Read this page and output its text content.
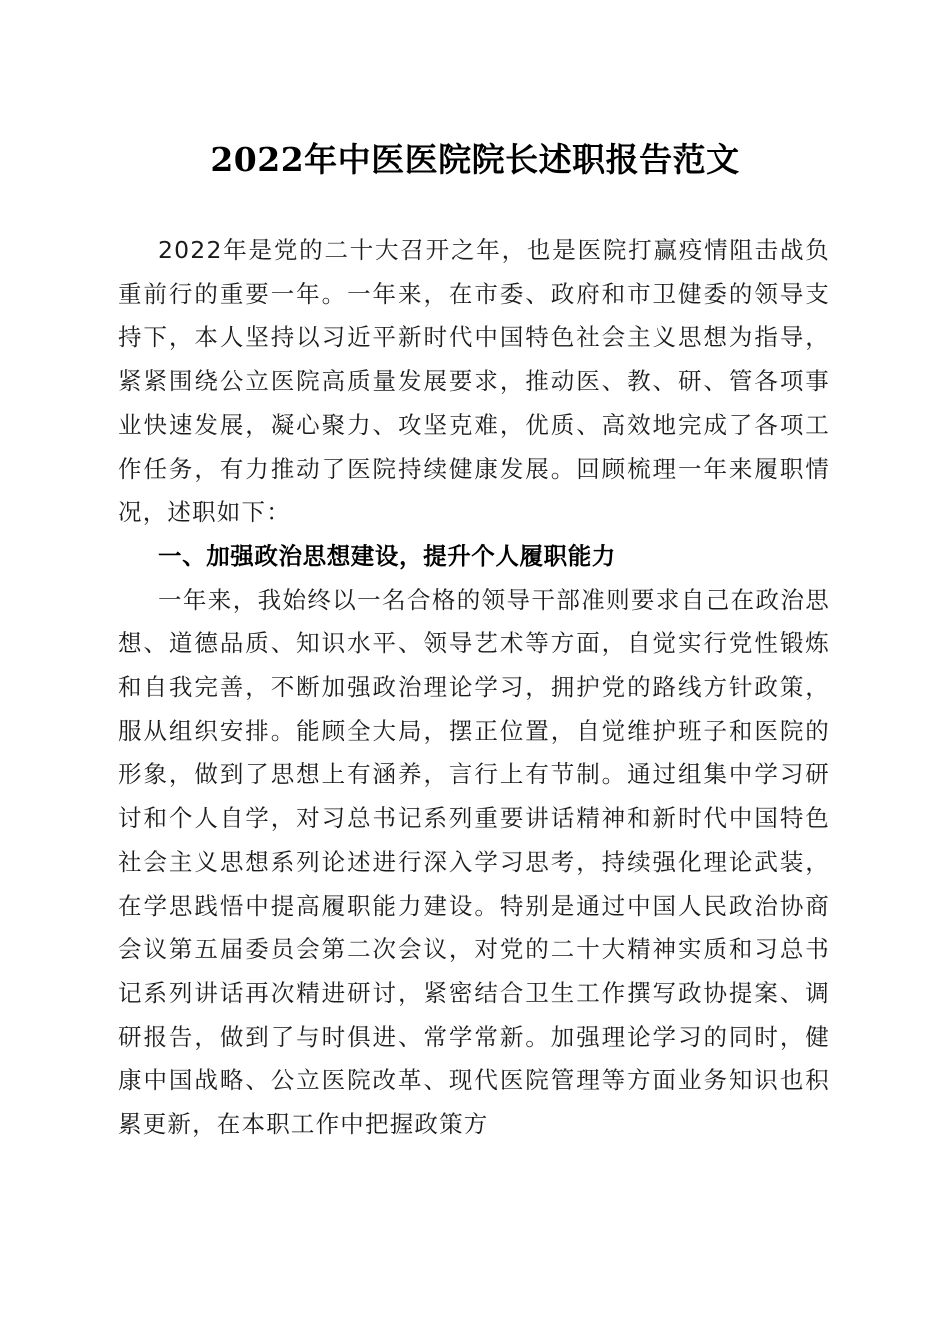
2022年中医医院院长述职报告范文

2022年是党的二十大召开之年，也是医院打赢疫情阻击战负重前行的重要一年。一年来，在市委、政府和市卫健委的领导支持下，本人坚持以习近平新时代中国特色社会主义思想为指导，紧紧围绕公立医院高质量发展要求，推动医、教、研、管各项事业快速发展，凝心聚力、攻坚克难，优质、高效地完成了各项工作任务，有力推动了医院持续健康发展。回顾梳理一年来履职情况，述职如下：

一、加强政治思想建设，提升个人履职能力

一年来，我始终以一名合格的领导干部准则要求自己在政治思想、道德品质、知识水平、领导艺术等方面，自觉实行党性锻炼和自我完善，不断加强政治理论学习，拥护党的路线方针政策，服从组织安排。能顾全大局，摆正位置，自觉维护班子和医院的形象，做到了思想上有涵养，言行上有节制。通过组集中学习研讨和个人自学，对习总书记系列重要讲话精神和新时代中国特色社会主义思想系列论述进行深入学习思考，持续强化理论武装，在学思践悟中提高履职能力建设。特别是通过中国人民政治协商会议第五届委员会第二次会议，对党的二十大精神实质和习总书记系列讲话再次精进研讨，紧密结合卫生工作撰写政协提案、调研报告，做到了与时俱进、常学常新。加强理论学习的同时，健康中国战略、公立医院改革、现代医院管理等方面业务知识也积累更新，在本职工作中把握政策方
